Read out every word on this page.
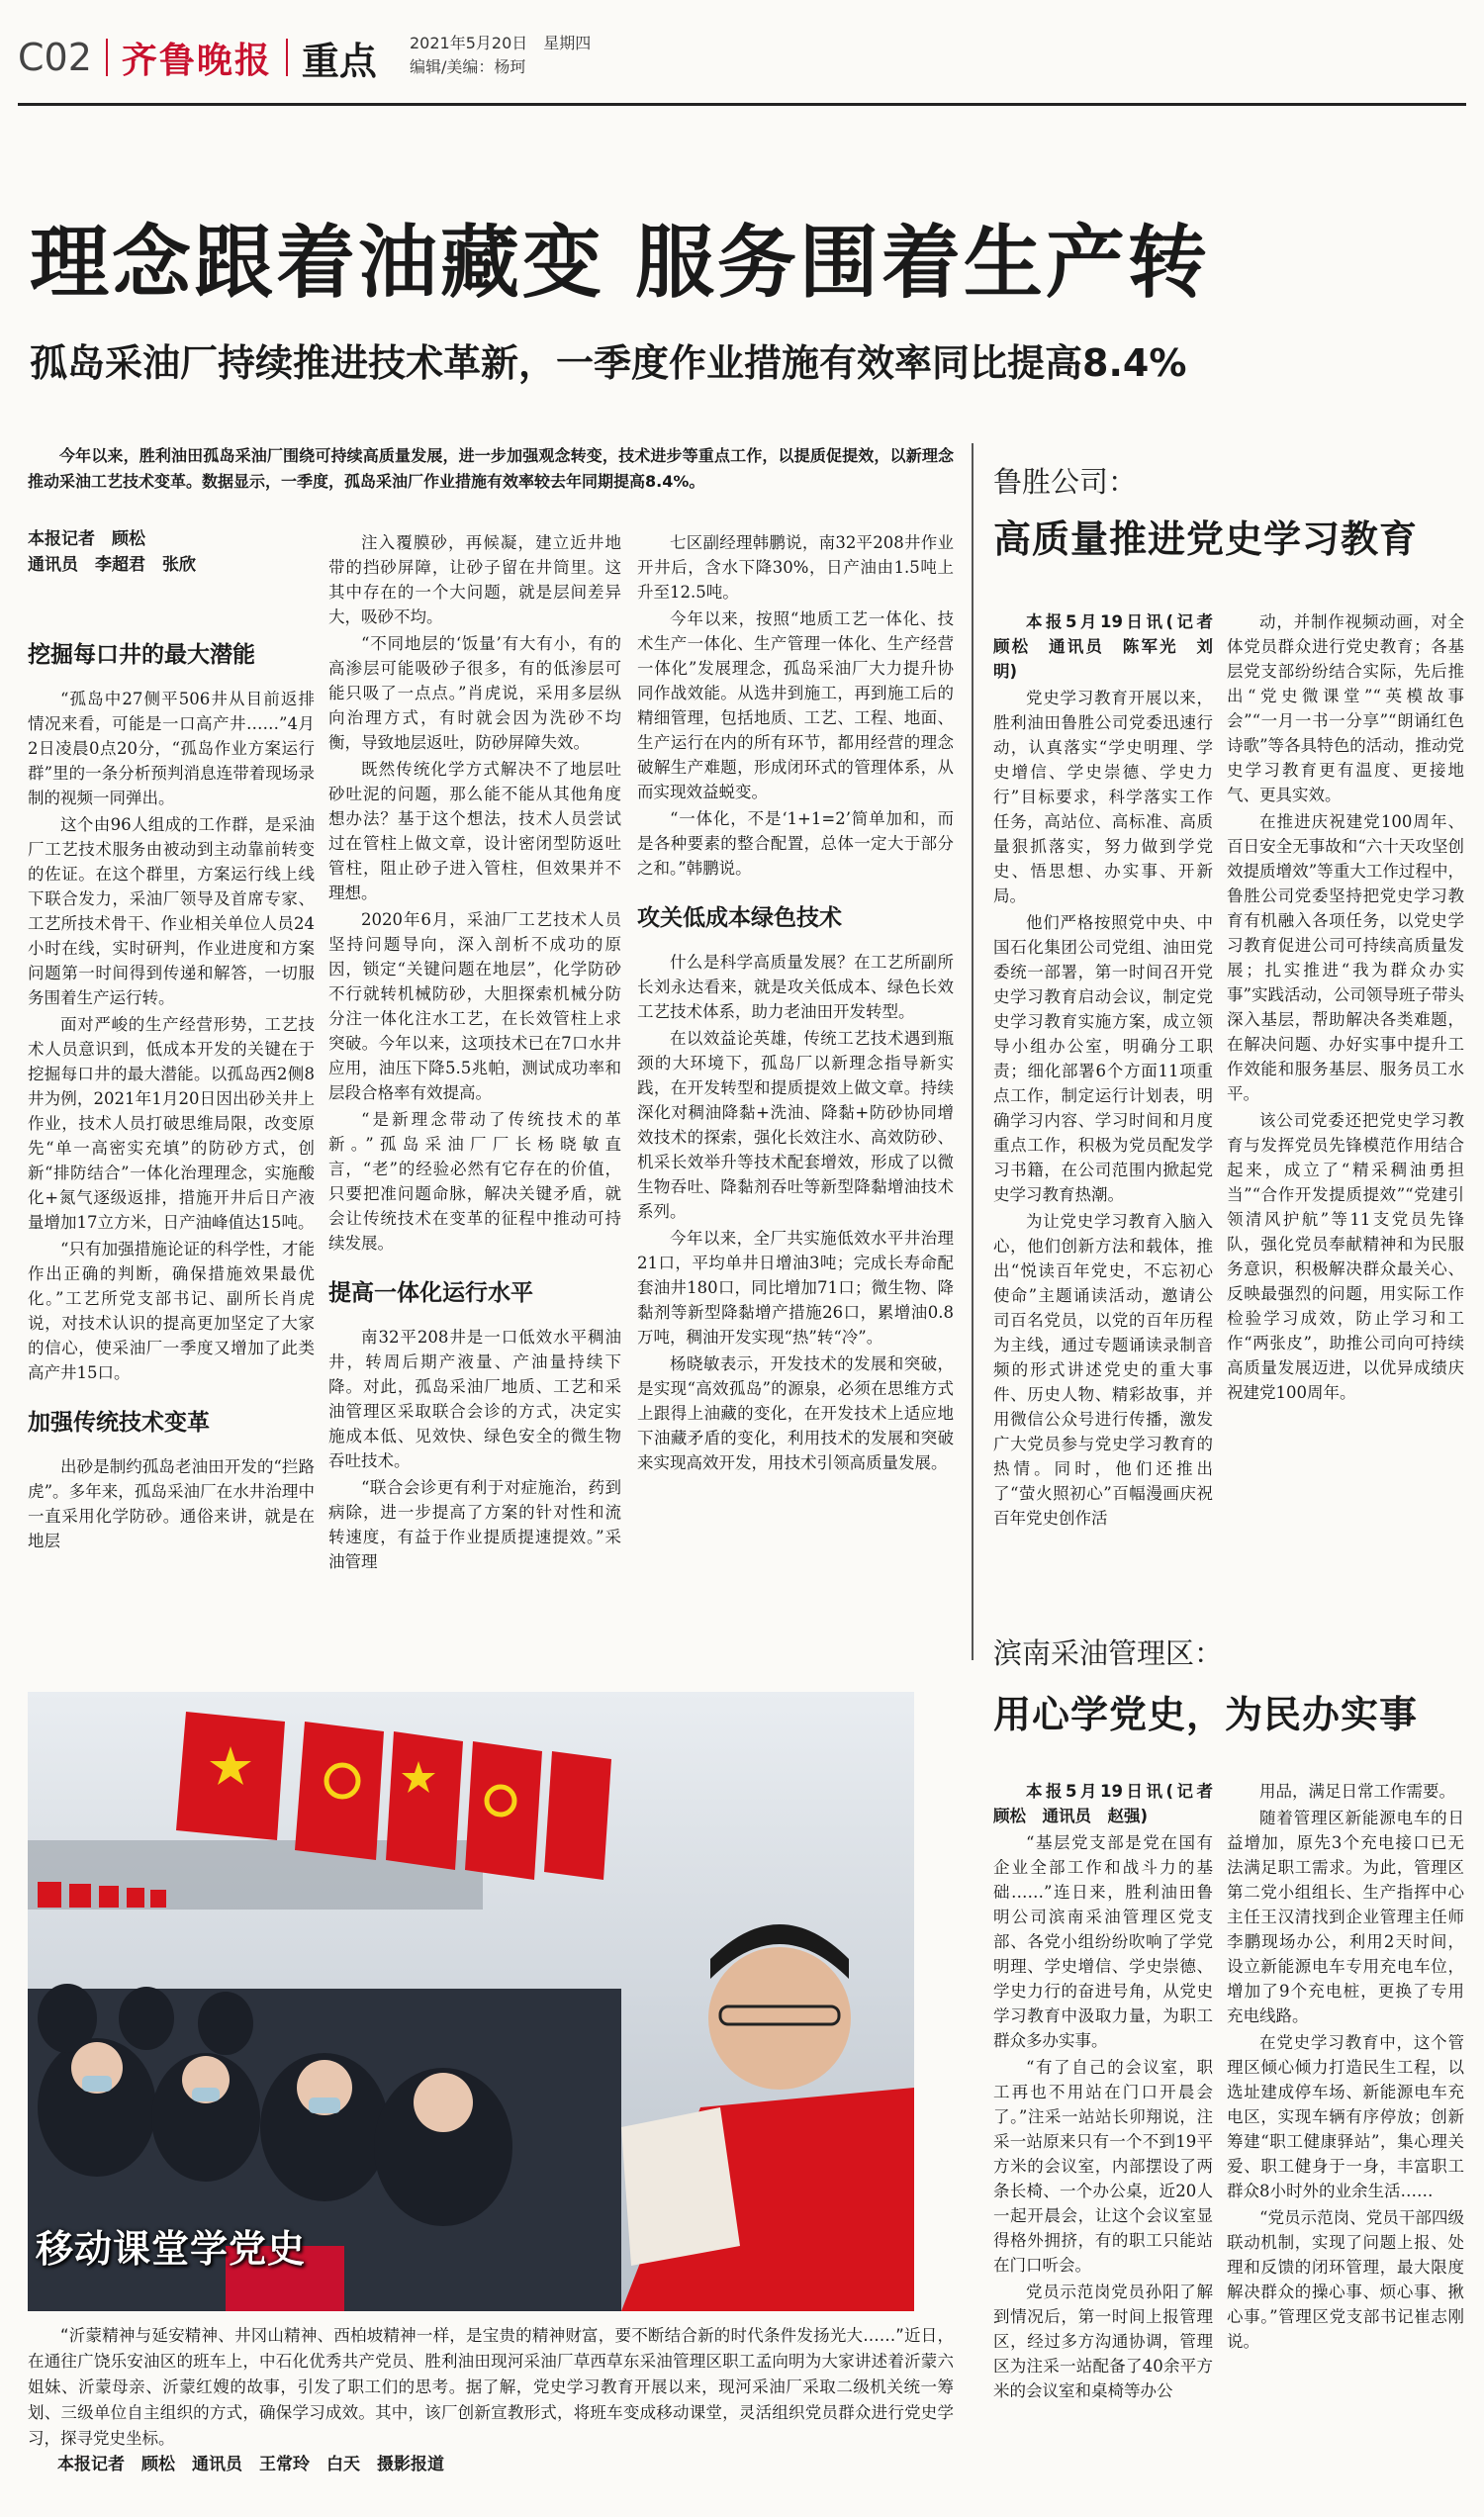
C02 齐鲁晚报 重点 2021年5月20日　星期四
编辑/美编：杨珂
理念跟着油藏变 服务围着生产转
孤岛采油厂持续推进技术革新，一季度作业措施有效率同比提高8.4%

今年以来，胜利油田孤岛采油厂围绕可持续高质量发展，进一步加强观念转变，技术进步等重点工作，以提质促提效，以新理念推动采油工艺技术变革。数据显示，一季度，孤岛采油厂作业措施有效率较去年同期提高8.4%。

本报记者　顾松
通讯员　李超君　张欣
挖掘每口井的最大潜能

“孤岛中27侧平506井从目前返排情况来看，可能是一口高产井……”4月2日凌晨0点20分，“孤岛作业方案运行群”里的一条分析预判消息连带着现场录制的视频一同弹出。

这个由96人组成的工作群，是采油厂工艺技术服务由被动到主动靠前转变的佐证。在这个群里，方案运行线上线下联合发力，采油厂领导及首席专家、工艺所技术骨干、作业相关单位人员24小时在线，实时研判，作业进度和方案问题第一时间得到传递和解答，一切服务围着生产运行转。

面对严峻的生产经营形势，工艺技术人员意识到，低成本开发的关键在于挖掘每口井的最大潜能。以孤岛西2侧8井为例，2021年1月20日因出砂关井上作业，技术人员打破思维局限，改变原先“单一高密实充填”的防砂方式，创新“排防结合”一体化治理理念，实施酸化+氮气逐级返排，措施开井后日产液量增加17立方米，日产油峰值达15吨。

“只有加强措施论证的科学性，才能作出正确的判断，确保措施效果最优化。”工艺所党支部书记、副所长肖虎说，对技术认识的提高更加坚定了大家的信心，使采油厂一季度又增加了此类高产井15口。

加强传统技术变革

出砂是制约孤岛老油田开发的“拦路虎”。多年来，孤岛采油厂在水井治理中一直采用化学防砂。通俗来讲，就是在地层

注入覆膜砂，再候凝，建立近井地带的挡砂屏障，让砂子留在井筒里。这其中存在的一个大问题，就是层间差异大，吸砂不均。

“不同地层的‘饭量’有大有小，有的高渗层可能吸砂子很多，有的低渗层可能只吸了一点点。”肖虎说，采用多层纵向治理方式，有时就会因为洗砂不均衡，导致地层返吐，防砂屏障失效。

既然传统化学方式解决不了地层吐砂吐泥的问题，那么能不能从其他角度想办法？基于这个想法，技术人员尝试过在管柱上做文章，设计密闭型防返吐管柱，阻止砂子进入管柱，但效果并不理想。

2020年6月，采油厂工艺技术人员坚持问题导向，深入剖析不成功的原因，锁定“关键问题在地层”，化学防砂不行就转机械防砂，大胆探索机械分防分注一体化注水工艺，在长效管柱上求突破。今年以来，这项技术已在7口水井应用，油压下降5.5兆帕，测试成功率和层段合格率有效提高。

“是新理念带动了传统技术的革新。”孤岛采油厂厂长杨晓敏直言，“老”的经验必然有它存在的价值，只要把准问题命脉，解决关键矛盾，就会让传统技术在变革的征程中推动可持续发展。

提高一体化运行水平

南32平208井是一口低效水平稠油井，转周后期产液量、产油量持续下降。对此，孤岛采油厂地质、工艺和采油管理区采取联合会诊的方式，决定实施成本低、见效快、绿色安全的微生物吞吐技术。

“联合会诊更有利于对症施治，药到病除，进一步提高了方案的针对性和流转速度，有益于作业提质提速提效。”采油管理

七区副经理韩鹏说，南32平208井作业开井后，含水下降30%，日产油由1.5吨上升至12.5吨。

今年以来，按照“地质工艺一体化、技术生产一体化、生产管理一体化、生产经营一体化”发展理念，孤岛采油厂大力提升协同作战效能。从选井到施工，再到施工后的精细管理，包括地质、工艺、工程、地面、生产运行在内的所有环节，都用经营的理念破解生产难题，形成闭环式的管理体系，从而实现效益蜕变。

“一体化，不是‘1+1=2’简单加和，而是各种要素的整合配置，总体一定大于部分之和。”韩鹏说。

攻关低成本绿色技术

什么是科学高质量发展？在工艺所副所长刘永达看来，就是攻关低成本、绿色长效工艺技术体系，助力老油田开发转型。

在以效益论英雄，传统工艺技术遇到瓶颈的大环境下，孤岛厂以新理念指导新实践，在开发转型和提质提效上做文章。持续深化对稠油降黏+洗油、降黏+防砂协同增效技术的探索，强化长效注水、高效防砂、机采长效举升等技术配套增效，形成了以微生物吞吐、降黏剂吞吐等新型降黏增油技术系列。

今年以来，全厂共实施低效水平井治理21口，平均单井日增油3吨；完成长寿命配套油井180口，同比增加71口；微生物、降黏剂等新型降黏增产措施26口，累增油0.8万吨，稠油开发实现“热”转“冷”。

杨晓敏表示，开发技术的发展和突破，是实现“高效孤岛”的源泉，必须在思维方式上跟得上油藏的变化，在开发技术上适应地下油藏矛盾的变化，利用技术的发展和突破来实现高效开发，用技术引领高质量发展。

鲁胜公司：
高质量推进党史学习教育

本报5月19日讯(记者　顾松　通讯员　陈军光　刘明)

党史学习教育开展以来，胜利油田鲁胜公司党委迅速行动，认真落实“学史明理、学史增信、学史崇德、学史力行”目标要求，科学落实工作任务，高站位、高标准、高质量狠抓落实，努力做到学党史、悟思想、办实事、开新局。

他们严格按照党中央、中国石化集团公司党组、油田党委统一部署，第一时间召开党史学习教育启动会议，制定党史学习教育实施方案，成立领导小组办公室，明确分工职责；细化部署6个方面11项重点工作，制定运行计划表，明确学习内容、学习时间和月度重点工作，积极为党员配发学习书籍，在公司范围内掀起党史学习教育热潮。

为让党史学习教育入脑入心，他们创新方法和载体，推出“悦读百年党史，不忘初心使命”主题诵读活动，邀请公司百名党员，以党的百年历程为主线，通过专题诵读录制音频的形式讲述党史的重大事件、历史人物、精彩故事，并用微信公众号进行传播，激发广大党员参与党史学习教育的热情。同时，他们还推出了“萤火照初心”百幅漫画庆祝百年党史创作活

动，并制作视频动画，对全体党员群众进行党史教育；各基层党支部纷纷结合实际，先后推出“党史微课堂”“英模故事会”“一月一书一分享”“朗诵红色诗歌”等各具特色的活动，推动党史学习教育更有温度、更接地气、更具实效。

在推进庆祝建党100周年、百日安全无事故和“六十天攻坚创效提质增效”等重大工作过程中，鲁胜公司党委坚持把党史学习教育有机融入各项任务，以党史学习教育促进公司可持续高质量发展；扎实推进“我为群众办实事”实践活动，公司领导班子带头深入基层，帮助解决各类难题，在解决问题、办好实事中提升工作效能和服务基层、服务员工水平。

该公司党委还把党史学习教育与发挥党员先锋模范作用结合起来，成立了“精采稠油勇担当”“合作开发提质提效”“党建引领清风护航”等11支党员先锋队，强化党员奉献精神和为民服务意识，积极解决群众最关心、反映最强烈的问题，用实际工作检验学习成效，防止学习和工作“两张皮”，助推公司向可持续高质量发展迈进，以优异成绩庆祝建党100周年。

滨南采油管理区：
用心学党史，为民办实事

本报5月19日讯(记者　顾松　通讯员　赵强)

“基层党支部是党在国有企业全部工作和战斗力的基础……”连日来，胜利油田鲁明公司滨南采油管理区党支部、各党小组纷纷吹响了学党明理、学史增信、学史崇德、学史力行的奋进号角，从党史学习教育中汲取力量，为职工群众多办实事。

“有了自己的会议室，职工再也不用站在门口开晨会了。”注采一站站长卯翔说，注采一站原来只有一个不到19平方米的会议室，内部摆设了两条长椅、一个办公桌，近20人一起开晨会，让这个会议室显得格外拥挤，有的职工只能站在门口听会。

党员示范岗党员孙阳了解到情况后，第一时间上报管理区，经过多方沟通协调，管理区为注采一站配备了40余平方米的会议室和桌椅等办公

用品，满足日常工作需要。

随着管理区新能源电车的日益增加，原先3个充电接口已无法满足职工需求。为此，管理区第二党小组组长、生产指挥中心主任王汉清找到企业管理主任师李鹏现场办公，利用2天时间，设立新能源电车专用充电车位，增加了9个充电桩，更换了专用充电线路。

在党史学习教育中，这个管理区倾心倾力打造民生工程，以选址建成停车场、新能源电车充电区，实现车辆有序停放；创新筹建“职工健康驿站”，集心理关爱、职工健身于一身，丰富职工群众8小时外的业余生活……

“党员示范岗、党员干部四级联动机制，实现了问题上报、处理和反馈的闭环管理，最大限度解决群众的操心事、烦心事、揪心事。”管理区党支部书记崔志刚说。

移动课堂学党史

“沂蒙精神与延安精神、井冈山精神、西柏坡精神一样，是宝贵的精神财富，要不断结合新的时代条件发扬光大……”近日，在通往广饶乐安油区的班车上，中石化优秀共产党员、胜利油田现河采油厂草西草东采油管理区职工孟向明为大家讲述着沂蒙六姐妹、沂蒙母亲、沂蒙红嫂的故事，引发了职工们的思考。据了解，党史学习教育开展以来，现河采油厂采取二级机关统一筹划、三级单位自主组织的方式，确保学习成效。其中，该厂创新宣教形式，将班车变成移动课堂，灵活组织党员群众进行党史学习，探寻党史坐标。

本报记者　顾松　通讯员　王常玲　白天　摄影报道
